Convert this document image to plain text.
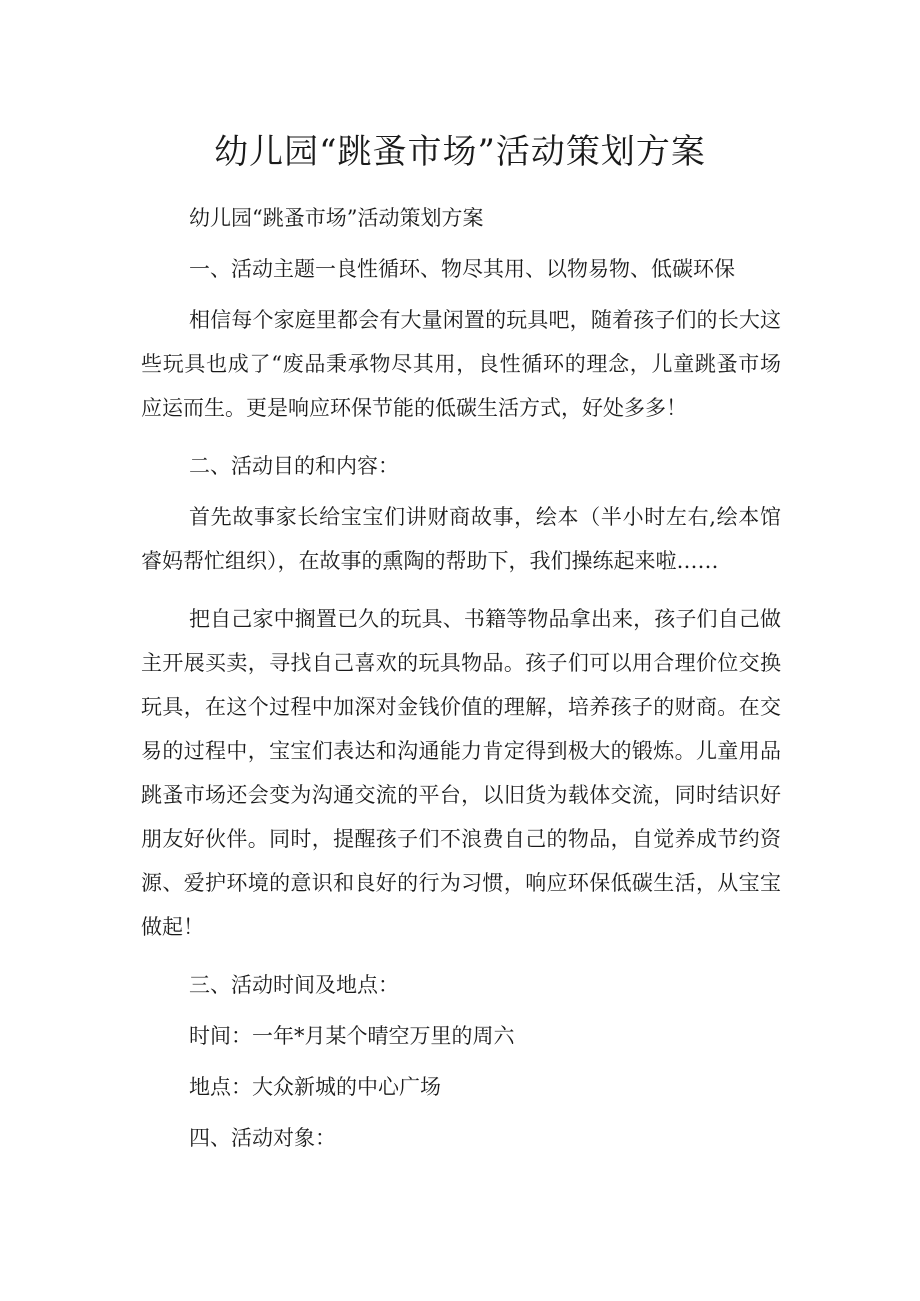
幼儿园“跳蚤市场”活动策划方案

幼儿园“跳蚤市场”活动策划方案

一、活动主题一良性循环、物尽其用、以物易物、低碳环保

相信每个家庭里都会有大量闲置的玩具吧，随着孩子们的长大这些玩具也成了“废品秉承物尽其用，良性循环的理念，儿童跳蚤市场应运而生。更是响应环保节能的低碳生活方式，好处多多！

二、活动目的和内容：

首先故事家长给宝宝们讲财商故事，绘本（半小时左右,绘本馆睿妈帮忙组织），在故事的熏陶的帮助下，我们操练起来啦……

把自己家中搁置已久的玩具、书籍等物品拿出来，孩子们自己做主开展买卖，寻找自己喜欢的玩具物品。孩子们可以用合理价位交换玩具，在这个过程中加深对金钱价值的理解，培养孩子的财商。在交易的过程中，宝宝们表达和沟通能力肯定得到极大的锻炼。儿童用品跳蚤市场还会变为沟通交流的平台，以旧货为载体交流，同时结识好朋友好伙伴。同时，提醒孩子们不浪费自己的物品，自觉养成节约资源、爱护环境的意识和良好的行为习惯，响应环保低碳生活，从宝宝做起！

三、活动时间及地点：

时间：一年*月某个晴空万里的周六

地点：大众新城的中心广场

四、活动对象：
